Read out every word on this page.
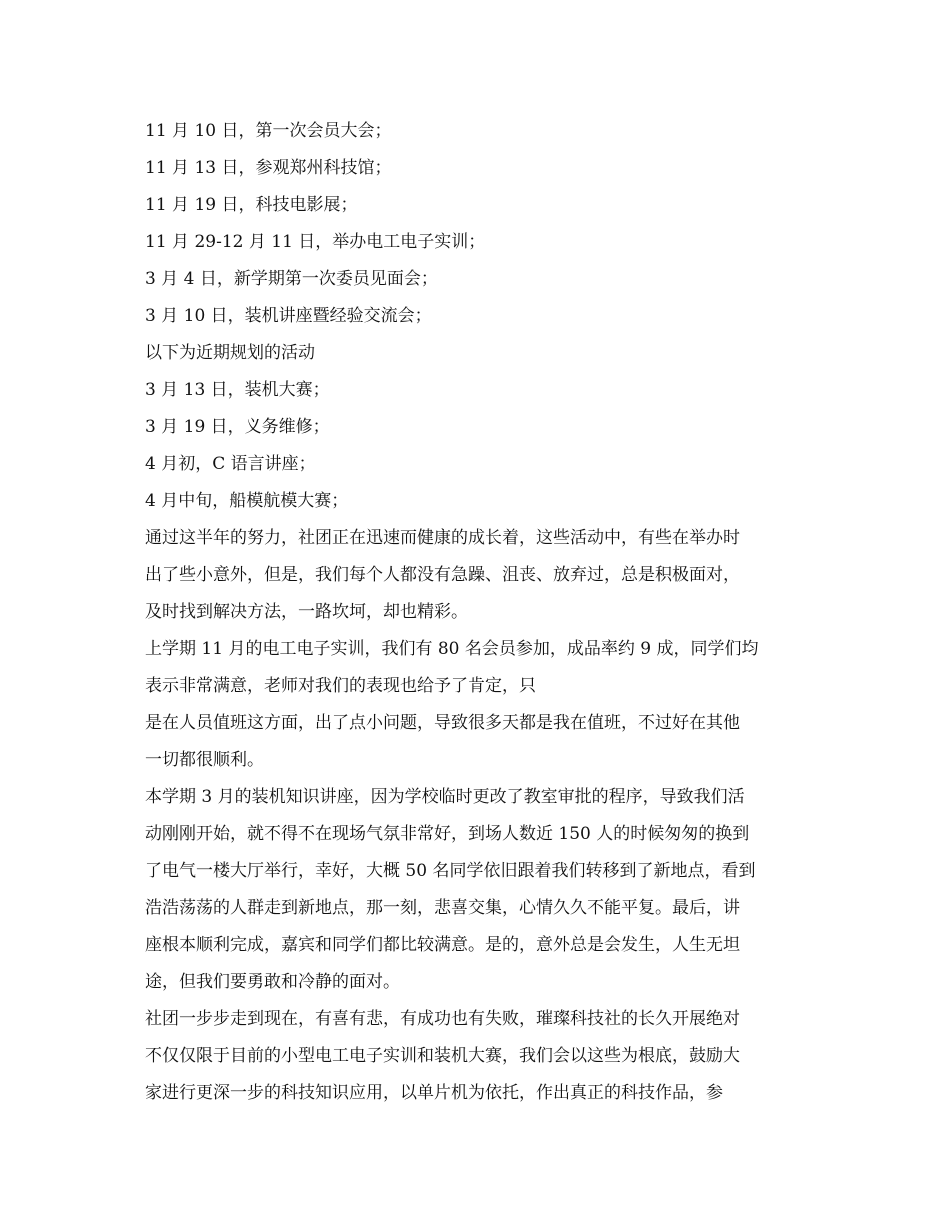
11 月 10 日，第一次会员大会；
11 月 13 日，参观郑州科技馆；
11 月 19 日，科技电影展；
11 月 29-12 月 11 日，举办电工电子实训；
3 月 4 日，新学期第一次委员见面会；
3 月 10 日，装机讲座暨经验交流会；
以下为近期规划的活动
3 月 13 日，装机大赛；
3 月 19 日，义务维修；
4 月初，C 语言讲座；
4 月中旬，船模航模大赛；
通过这半年的努力，社团正在迅速而健康的成长着，这些活动中，有些在举办时
出了些小意外，但是，我们每个人都没有急躁、沮丧、放弃过，总是积极面对，
及时找到解决方法，一路坎坷，却也精彩。
上学期 11 月的电工电子实训，我们有 80 名会员参加，成品率约 9 成，同学们均
表示非常满意，老师对我们的表现也给予了肯定，只
是在人员值班这方面，出了点小问题，导致很多天都是我在值班，不过好在其他
一切都很顺利。
本学期 3 月的装机知识讲座，因为学校临时更改了教室审批的程序，导致我们活
动刚刚开始，就不得不在现场气氛非常好，到场人数近 150 人的时候匆匆的换到
了电气一楼大厅举行，幸好，大概 50 名同学依旧跟着我们转移到了新地点，看到
浩浩荡荡的人群走到新地点，那一刻，悲喜交集，心情久久不能平复。最后，讲
座根本顺利完成，嘉宾和同学们都比较满意。是的，意外总是会发生，人生无坦
途，但我们要勇敢和冷静的面对。
社团一步步走到现在，有喜有悲，有成功也有失败，璀璨科技社的长久开展绝对
不仅仅限于目前的小型电工电子实训和装机大赛，我们会以这些为根底，鼓励大
家进行更深一步的科技知识应用，以单片机为依托，作出真正的科技作品，参
